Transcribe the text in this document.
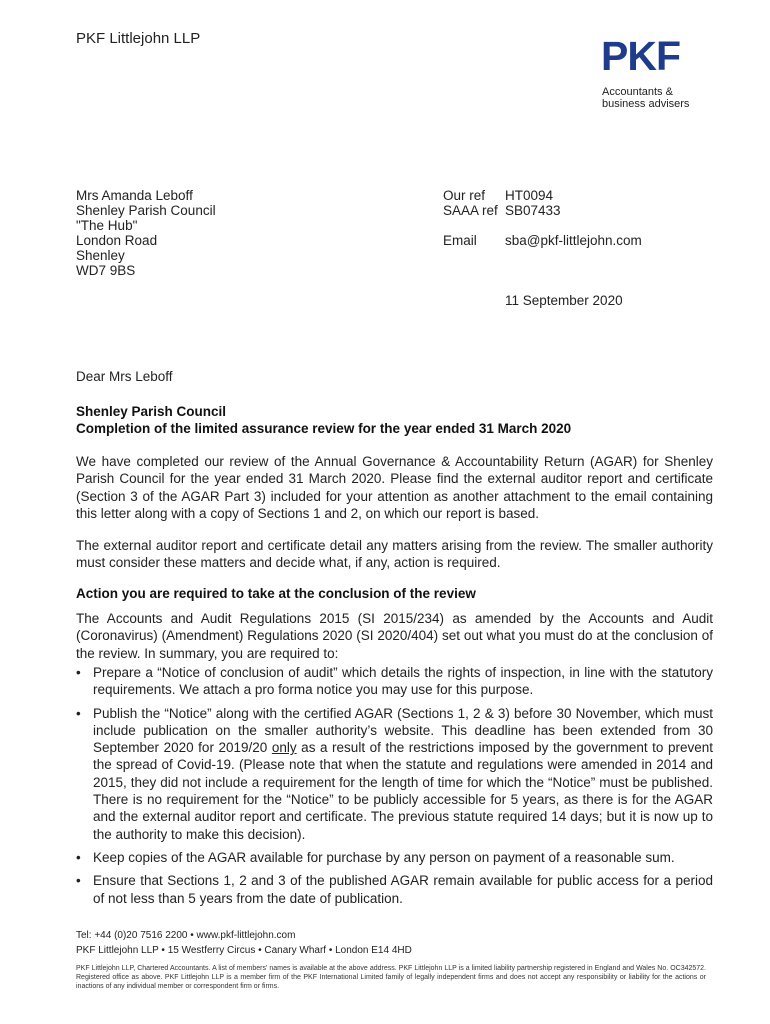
PKF Littlejohn LLP	PKF
Accountants &
business advisers
Mrs Amanda Leboff
Shenley Parish Council
"The Hub"
London Road
Shenley
WD7 9BS
Our ref	HT0094
SAAA ref SB07433
Email	sba@pkf-littlejohn.com
11 September 2020
Dear Mrs Leboff
Shenley Parish Council
Completion of the limited assurance review for the year ended 31 March 2020
We have completed our review of the Annual Governance & Accountability Return (AGAR) for Shenley Parish Council for the year ended 31 March 2020. Please find the external auditor report and certificate (Section 3 of the AGAR Part 3) included for your attention as another attachment to the email containing this letter along with a copy of Sections 1 and 2, on which our report is based.
The external auditor report and certificate detail any matters arising from the review. The smaller authority must consider these matters and decide what, if any, action is required.
Action you are required to take at the conclusion of the review
The Accounts and Audit Regulations 2015 (SI 2015/234) as amended by the Accounts and Audit (Coronavirus) (Amendment) Regulations 2020 (SI 2020/404) set out what you must do at the conclusion of the review. In summary, you are required to:
• Prepare a “Notice of conclusion of audit” which details the rights of inspection, in line with the statutory requirements. We attach a pro forma notice you may use for this purpose.
• Publish the “Notice” along with the certified AGAR (Sections 1, 2 & 3) before 30 November, which must include publication on the smaller authority’s website. This deadline has been extended from 30 September 2020 for 2019/20 only as a result of the restrictions imposed by the government to prevent the spread of Covid-19. (Please note that when the statute and regulations were amended in 2014 and 2015, they did not include a requirement for the length of time for which the “Notice” must be published. There is no requirement for the “Notice” to be publicly accessible for 5 years, as there is for the AGAR and the external auditor report and certificate. The previous statute required 14 days; but it is now up to the authority to make this decision).
• Keep copies of the AGAR available for purchase by any person on payment of a reasonable sum.
• Ensure that Sections 1, 2 and 3 of the published AGAR remain available for public access for a period of not less than 5 years from the date of publication.
Tel: +44 (0)20 7516 2200 • www.pkf-littlejohn.com
PKF Littlejohn LLP • 15 Westferry Circus • Canary Wharf • London E14 4HD
PKF Littlejohn LLP, Chartered Accountants. A list of members' names is available at the above address. PKF Littlejohn LLP is a limited liability partnership registered in England and Wales No. OC342572. Registered office as above. PKF Littlejohn LLP is a member firm of the PKF International Limited family of legally independent firms and does not accept any responsibility or liability for the actions or inactions of any individual member or correspondent firm or firms.
